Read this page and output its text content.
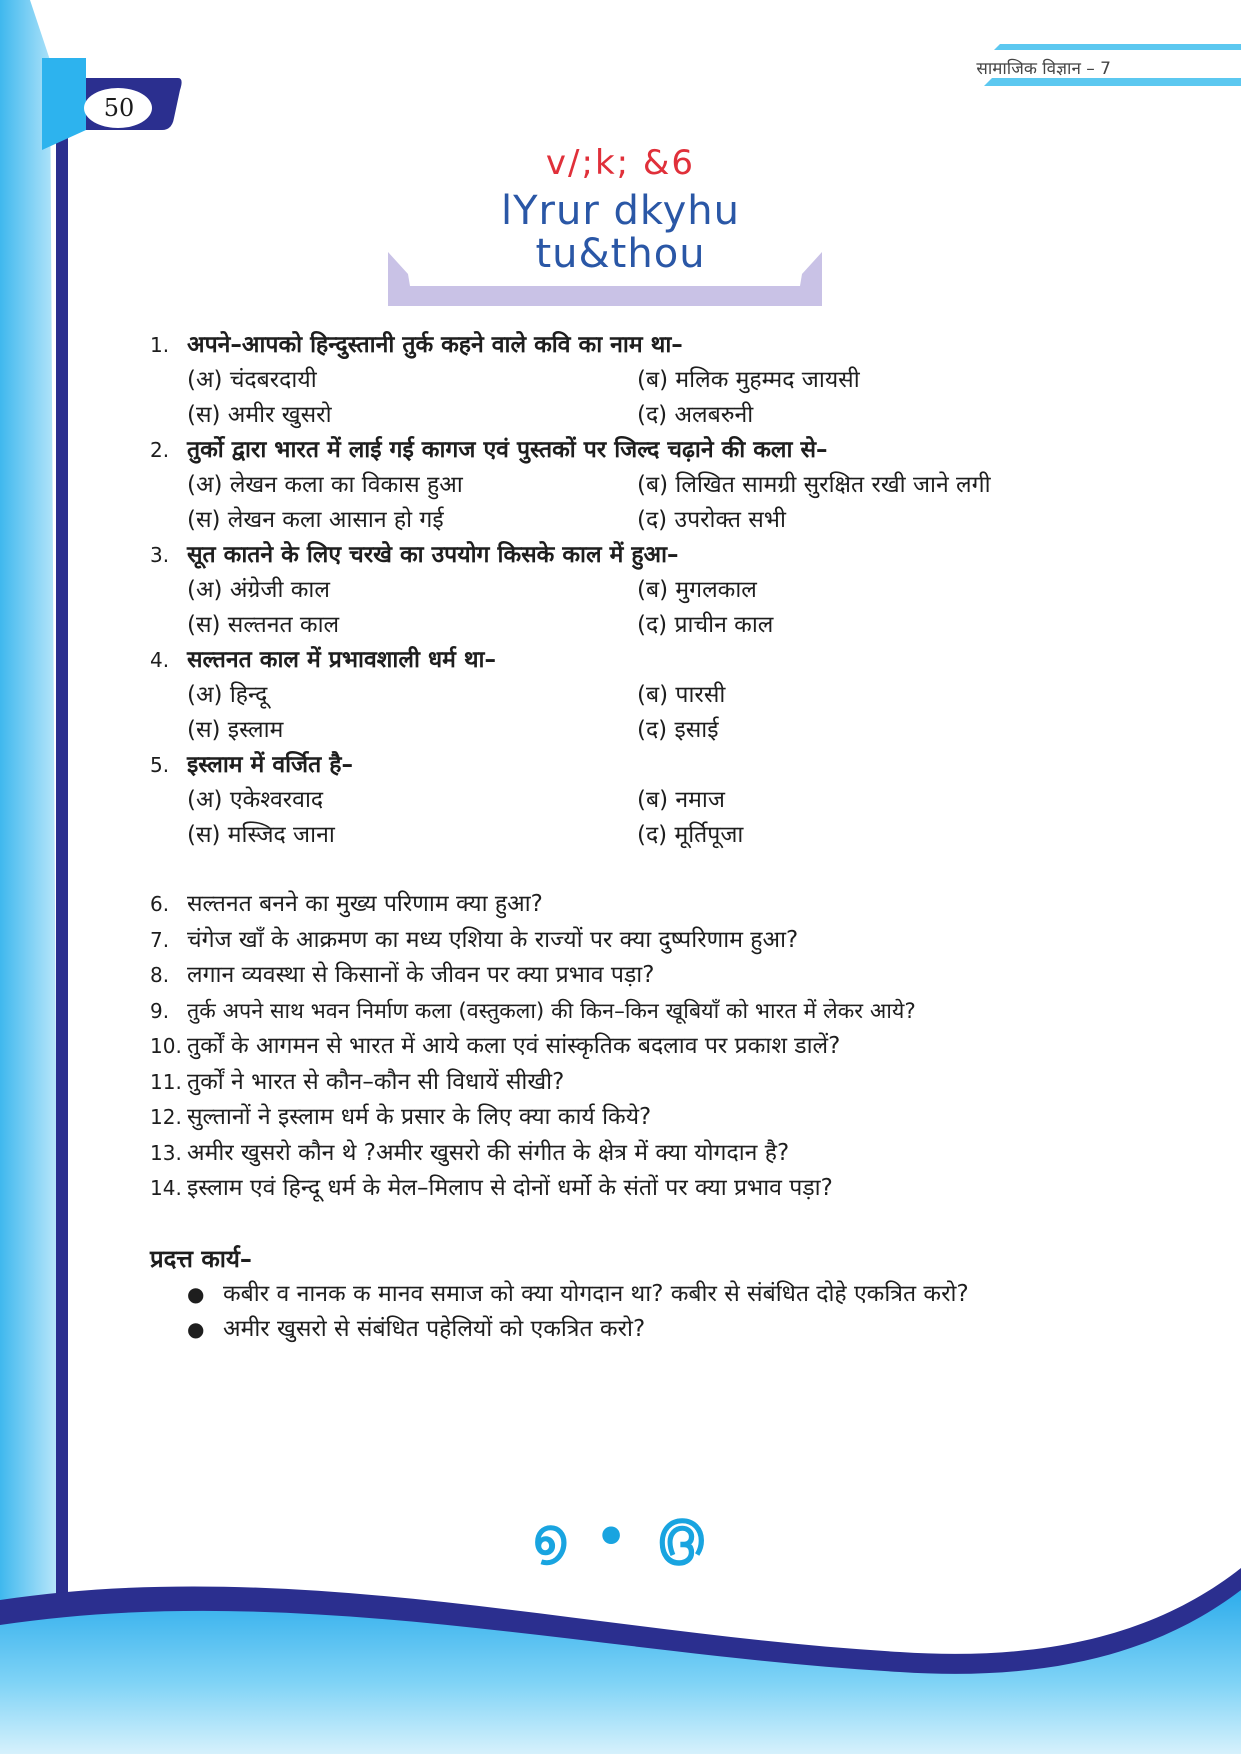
50
सामाजिक विज्ञान – 7
v/;k; &6
lYrur dkyhu
tu&thou
1. अपने–आपको हिन्दुस्तानी तुर्क कहने वाले कवि का नाम था–
(अ) चंदबरदायी	(ब) मलिक मुहम्मद जायसी
(स) अमीर खुसरो	(द) अलबरुनी
2. तुर्को द्वारा भारत में लाई गई कागज एवं पुस्तकों पर जिल्द चढ़ाने की कला से–
(अ) लेखन कला का विकास हुआ	(ब) लिखित सामग्री सुरक्षित रखी जाने लगी
(स) लेखन कला आसान हो गई	(द) उपरोक्त सभी
3. सूत कातने के लिए चरखे का उपयोग किसके काल में हुआ–
(अ) अंग्रेजी काल	(ब) मुगलकाल
(स) सल्तनत काल	(द) प्राचीन काल
4. सल्तनत काल में प्रभावशाली धर्म था–
(अ) हिन्दू	(ब) पारसी
(स) इस्लाम	(द) इसाई
5. इस्लाम में वर्जित है–
(अ) एकेश्वरवाद	(ब) नमाज
(स) मस्जिद जाना	(द) मूर्तिपूजा
6. सल्तनत बनने का मुख्य परिणाम क्या हुआ?
7. चंगेज खाँ के आक्रमण का मध्य एशिया के राज्यों पर क्या दुष्परिणाम हुआ?
8. लगान व्यवस्था से किसानों के जीवन पर क्या प्रभाव पड़ा?
9. तुर्क अपने साथ भवन निर्माण कला (वस्तुकला) की किन–किन खूबियाँ को भारत में लेकर आये?
10. तुर्कों के आगमन से भारत में आये कला एवं सांस्कृतिक बदलाव पर प्रकाश डालें?
11. तुर्कों ने भारत से कौन–कौन सी विधायें सीखी?
12. सुल्तानों ने इस्लाम धर्म के प्रसार के लिए क्या कार्य किये?
13. अमीर खुसरो कौन थे ?अमीर खुसरो की संगीत के क्षेत्र में क्या योगदान है?
14. इस्लाम एवं हिन्दू धर्म के मेल–मिलाप से दोनों धर्मो के संतों पर क्या प्रभाव पड़ा?
प्रदत्त कार्य–
● कबीर व नानक क मानव समाज को क्या योगदान था? कबीर से संबंधित दोहे एकत्रित करो?
● अमीर खुसरो से संबंधित पहेलियों को एकत्रित करो?
൭ • ൫
